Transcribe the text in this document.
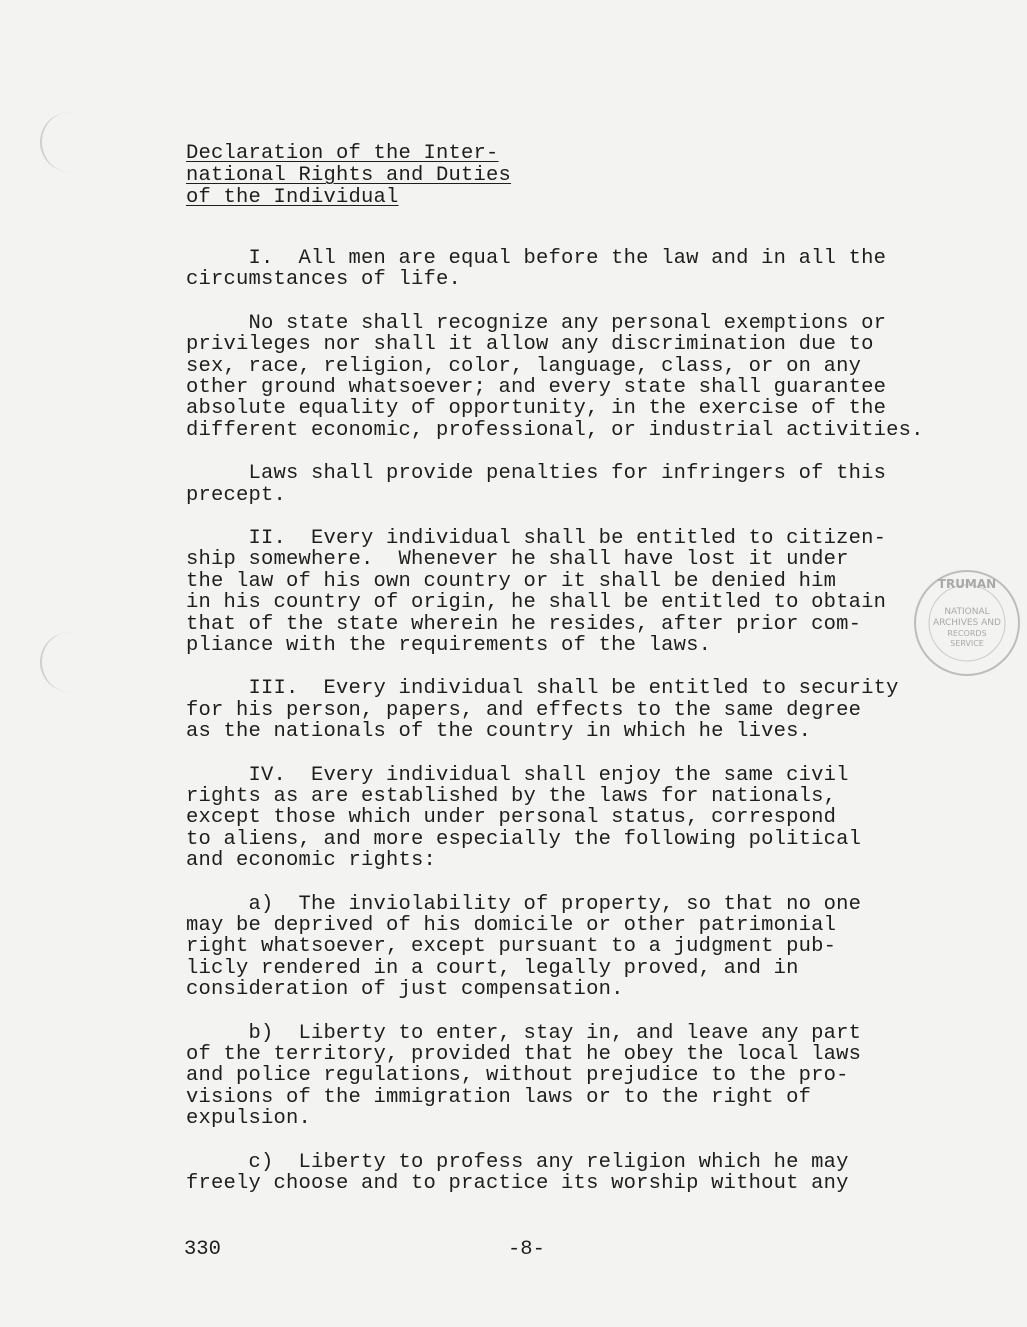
Declaration of the Inter-
national Rights and Duties
of the Individual
I.  All men are equal before the law and in all the
circumstances of life.
No state shall recognize any personal exemptions or
privileges nor shall it allow any discrimination due to
sex, race, religion, color, language, class, or on any
other ground whatsoever; and every state shall guarantee
absolute equality of opportunity, in the exercise of the
different economic, professional, or industrial activities.
Laws shall provide penalties for infringers of this
precept.
II.  Every individual shall be entitled to citizen-
ship somewhere.  Whenever he shall have lost it under
the law of his own country or it shall be denied him
in his country of origin, he shall be entitled to obtain
that of the state wherein he resides, after prior com-
pliance with the requirements of the laws.
III.  Every individual shall be entitled to security
for his person, papers, and effects to the same degree
as the nationals of the country in which he lives.
IV.  Every individual shall enjoy the same civil
rights as are established by the laws for nationals,
except those which under personal status, correspond
to aliens, and more especially the following political
and economic rights:
a)  The inviolability of property, so that no one
may be deprived of his domicile or other patrimonial
right whatsoever, except pursuant to a judgment pub-
licly rendered in a court, legally proved, and in
consideration of just compensation.
b)  Liberty to enter, stay in, and leave any part
of the territory, provided that he obey the local laws
and police regulations, without prejudice to the pro-
visions of the immigration laws or to the right of
expulsion.
c)  Liberty to profess any religion which he may
freely choose and to practice its worship without any
TRUMAN
NATIONAL
ARCHIVES AND
RECORDS
SERVICE
330	-8-
